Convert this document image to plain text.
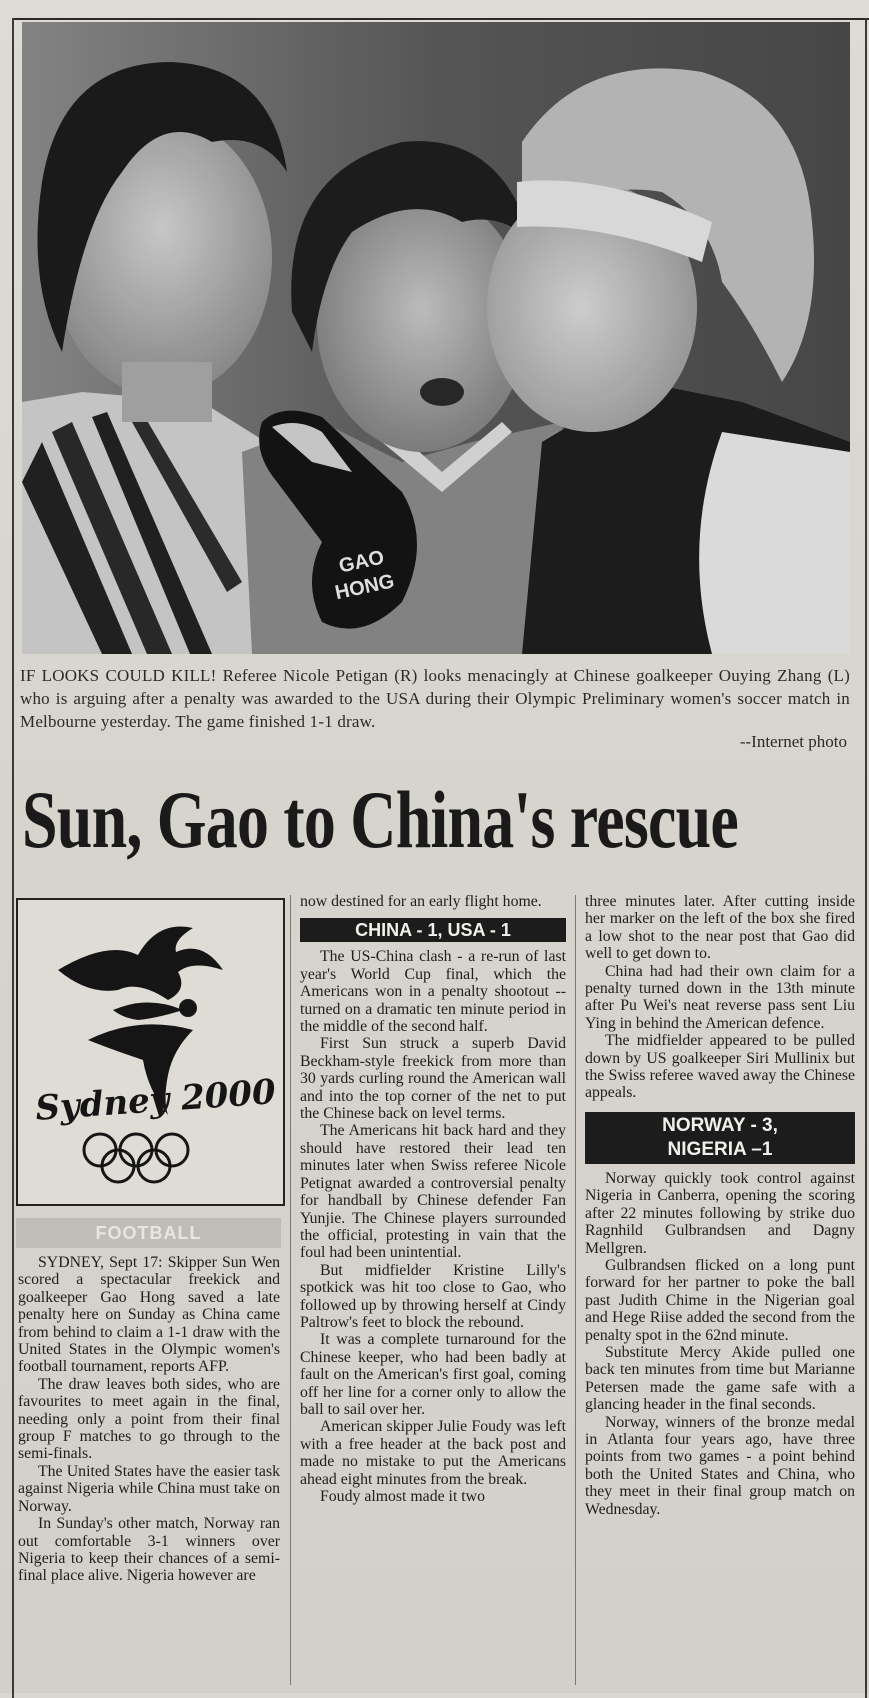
GAO
HONG
IF LOOKS COULD KILL! Referee Nicole Petigan (R) looks menacingly at Chinese goalkeeper Ouying Zhang (L) who is arguing after a penalty was awarded to the USA during their Olympic Preliminary women's soccer match in Melbourne yesterday. The game finished 1-1 draw.
--Internet photo
Sun, Gao to China's rescue
Sydney 2000
FOOTBALL

SYDNEY, Sept 17: Skipper Sun Wen scored a spectacular freekick and goalkeeper Gao Hong saved a late penalty here on Sunday as China came from behind to claim a 1-1 draw with the United States in the Olympic women's football tournament, reports AFP.

The draw leaves both sides, who are favourites to meet again in the final, needing only a point from their final group F matches to go through to the semi-finals.

The United States have the easier task against Nigeria while China must take on Norway.

In Sunday's other match, Norway ran out comfortable 3-1 winners over Nigeria to keep their chances of a semi-final place alive. Nigeria however are

now destined for an early flight home.

CHINA - 1, USA - 1

The US-China clash - a re-run of last year's World Cup final, which the Americans won in a penalty shootout -- turned on a dramatic ten minute period in the middle of the second half.

First Sun struck a superb David Beckham-style freekick from more than 30 yards curling round the American wall and into the top corner of the net to put the Chinese back on level terms.

The Americans hit back hard and they should have restored their lead ten minutes later when Swiss referee Nicole Petignat awarded a controversial penalty for handball by Chinese defender Fan Yunjie. The Chinese players surrounded the official, protesting in vain that the foul had been unintential.

But midfielder Kristine Lilly's spotkick was hit too close to Gao, who followed up by throwing herself at Cindy Paltrow's feet to block the rebound.

It was a complete turnaround for the Chinese keeper, who had been badly at fault on the American's first goal, coming off her line for a corner only to allow the ball to sail over her.

American skipper Julie Foudy was left with a free header at the back post and made no mistake to put the Americans ahead eight minutes from the break.

Foudy almost made it two

three minutes later. After cutting inside her marker on the left of the box she fired a low shot to the near post that Gao did well to get down to.

China had had their own claim for a penalty turned down in the 13th minute after Pu Wei's neat reverse pass sent Liu Ying in behind the American defence.

The midfielder appeared to be pulled down by US goalkeeper Siri Mullinix but the Swiss referee waved away the Chinese appeals.

NORWAY - 3,
NIGERIA –1

Norway quickly took control against Nigeria in Canberra, opening the scoring after 22 minutes following by strike duo Ragnhild Gulbrandsen and Dagny Mellgren.

Gulbrandsen flicked on a long punt forward for her partner to poke the ball past Judith Chime in the Nigerian goal and Hege Riise added the second from the penalty spot in the 62nd minute.

Substitute Mercy Akide pulled one back ten minutes from time but Marianne Petersen made the game safe with a glancing header in the final seconds.

Norway, winners of the bronze medal in Atlanta four years ago, have three points from two games - a point behind both the United States and China, who they meet in their final group match on Wednesday.
